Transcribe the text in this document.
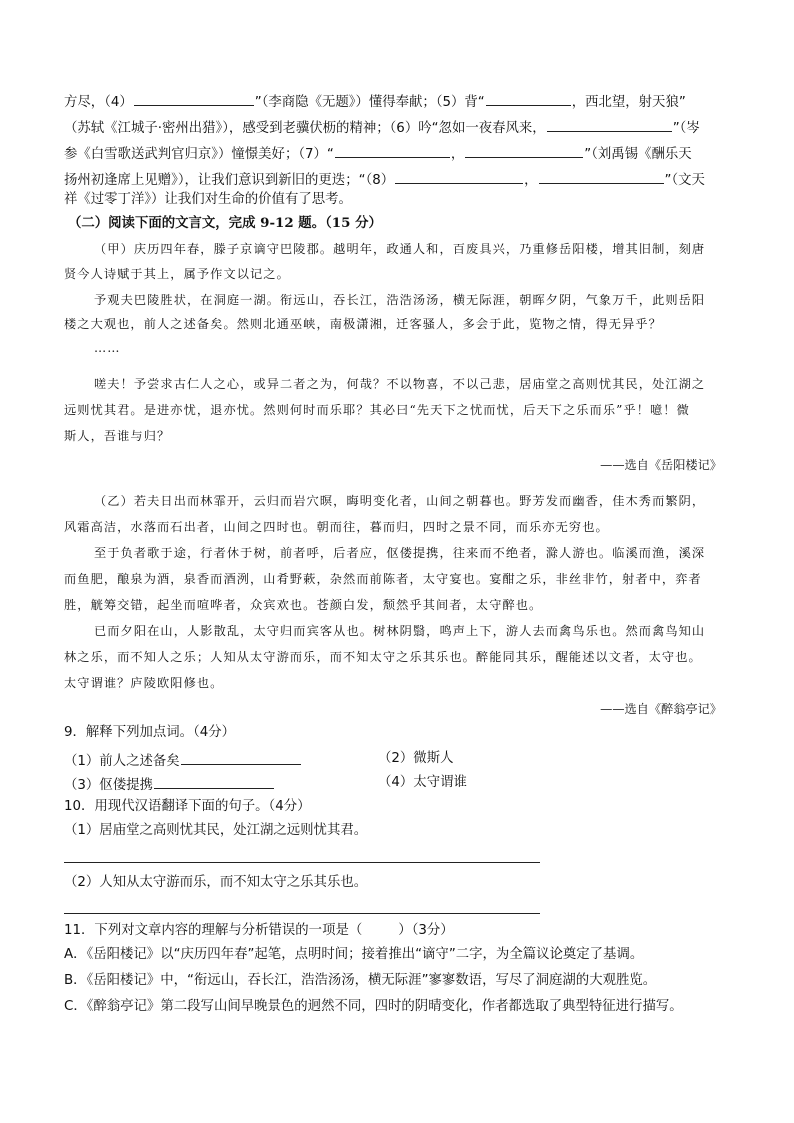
方尽，（4）	”（李商隐《无题》）懂得奉献；（5）背“	，西北望，射天狼”
（苏轼《江城子·密州出猎》），感受到老骥伏枥的精神；（6）吟“忽如一夜春风来，	”（岑
参《白雪歌送武判官归京》）憧憬美好；（7）“	，	”（刘禹锡《酬乐天
扬州初逢席上见赠》），让我们意识到新旧的更迭；“（8）	，	”（文天
祥《过零丁洋》）让我们对生命的价值有了思考。
（二）阅读下面的文言文，完成 9-12 题。（15 分）
（甲）庆历四年春，滕子京谪守巴陵郡。越明年，政通人和，百废具兴，乃重修岳阳楼，增其旧制，刻唐
贤今人诗赋于其上，属予作文以记之。
予观夫巴陵胜状，在洞庭一湖。衔远山，吞长江，浩浩汤汤，横无际涯，朝晖夕阴，气象万千，此则岳阳
楼之大观也，前人之述备矣。然则北通巫峡，南极潇湘，迁客骚人，多会于此，览物之情，得无异乎？
……
嗟夫！予尝求古仁人之心，或异二者之为，何哉？不以物喜，不以己悲，居庙堂之高则忧其民，处江湖之
远则忧其君。是进亦忧，退亦忧。然则何时而乐耶？其必曰“先天下之忧而忧，后天下之乐而乐”乎！噫！微
斯人，吾谁与归？
——选自《岳阳楼记》
（乙）若夫日出而林霏开，云归而岩穴暝，晦明变化者，山间之朝暮也。野芳发而幽香，佳木秀而繁阴，
风霜高洁，水落而石出者，山间之四时也。朝而往，暮而归，四时之景不同，而乐亦无穷也。
至于负者歌于途，行者休于树，前者呼，后者应，伛偻提携，往来而不绝者，滁人游也。临溪而渔，溪深
而鱼肥，酿泉为酒，泉香而酒洌，山肴野蔌，杂然而前陈者，太守宴也。宴酣之乐，非丝非竹，射者中，弈者
胜，觥筹交错，起坐而喧哗者，众宾欢也。苍颜白发，颓然乎其间者，太守醉也。
已而夕阳在山，人影散乱，太守归而宾客从也。树林阴翳，鸣声上下，游人去而禽鸟乐也。然而禽鸟知山
林之乐，而不知人之乐；人知从太守游而乐，而不知太守之乐其乐也。醉能同其乐，醒能述以文者，太守也。
太守谓谁？庐陵欧阳修也。
——选自《醉翁亭记》
9．解释下列加点词。（4分）
（1）前人之述备矣	（2）微斯人
（3）伛偻提携	（4）太守谓谁
10．用现代汉语翻译下面的句子。（4分）
（1）居庙堂之高则忧其民，处江湖之远则忧其君。
（2）人知从太守游而乐，而不知太守之乐其乐也。
11．下列对文章内容的理解与分析错误的一项是（	）（3分）
A．《岳阳楼记》以“庆历四年春”起笔，点明时间；接着推出“谪守”二字，为全篇议论奠定了基调。
B．《岳阳楼记》中，“衔远山，吞长江，浩浩汤汤，横无际涯”寥寥数语，写尽了洞庭湖的大观胜览。
C．《醉翁亭记》第二段写山间早晚景色的迥然不同，四时的阴晴变化，作者都选取了典型特征进行描写。
